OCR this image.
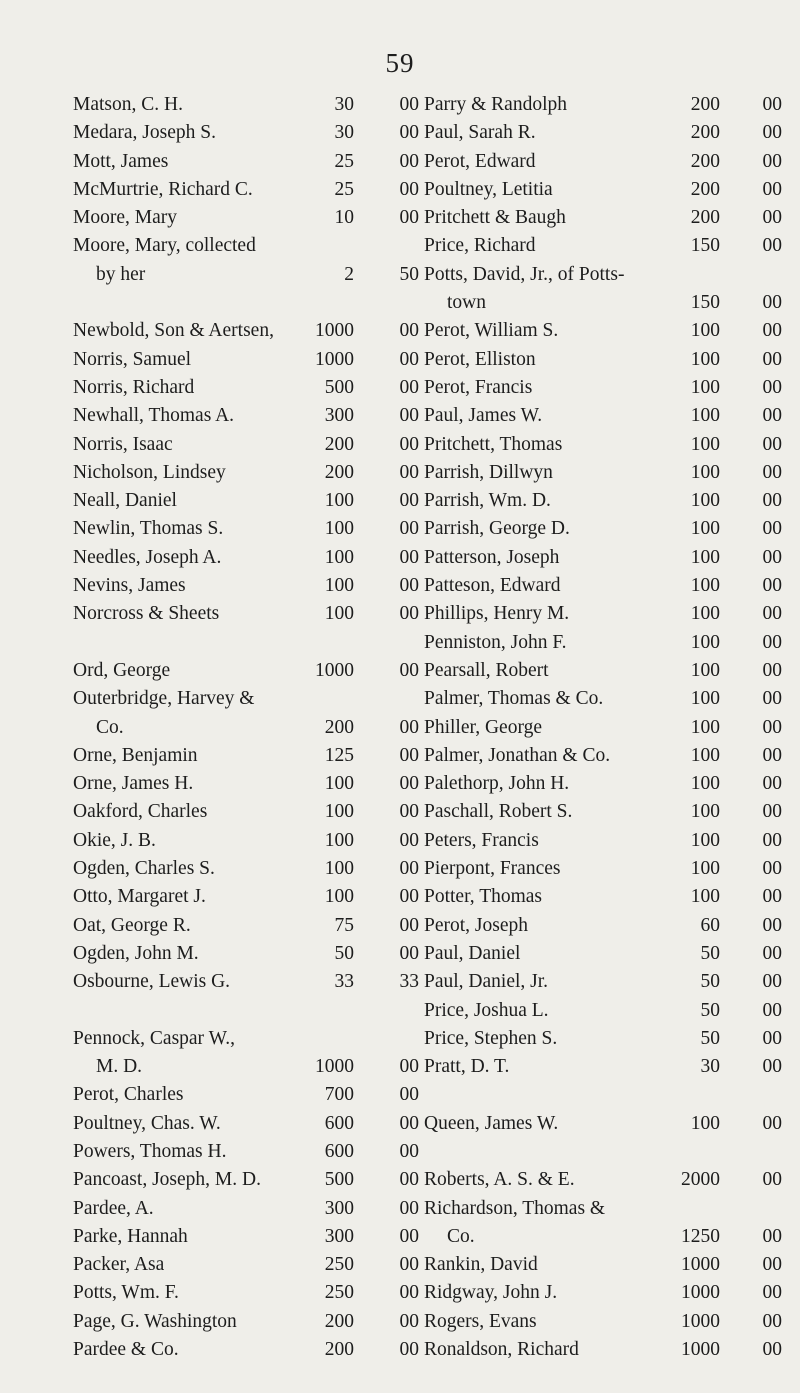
59
Matson, C. H.	30	00
Medara, Joseph S.	30	00
Mott, James	25	00
McMurtrie, Richard C.	25	00
Moore, Mary	10	00
Moore, Mary, collected
by her	2	50
Newbold, Son & Aertsen, 1000	00
Norris, Samuel	1000	00
Norris, Richard	500	00
Newhall, Thomas A.	300	00
Norris, Isaac	200	00
Nicholson, Lindsey	200	00
Neall, Daniel	100	00
Newlin, Thomas S.	100	00
Needles, Joseph A.	100	00
Nevins, James	100	00
Norcross & Sheets	100	00
Ord, George	1000	00
Outerbridge, Harvey &
Co.	200	00
Orne, Benjamin	125	00
Orne, James H.	100	00
Oakford, Charles	100	00
Okie, J. B.	100	00
Ogden, Charles S.	100	00
Otto, Margaret J.	100	00
Oat, George R.	75	00
Ogden, John M.	50	00
Osbourne, Lewis G.	33	33
Pennock, Caspar W.,
M. D.	1000	00
Perot, Charles	700	00
Poultney, Chas. W.	600	00
Powers, Thomas H.	600	00
Pancoast, Joseph, M. D.	500	00
Pardee, A.	300	00
Parke, Hannah	300	00
Packer, Asa	250	00
Potts, Wm. F.	250	00
Page, G. Washington	200	00
Pardee & Co.	200	00
Parry & Randolph	200	00
Paul, Sarah R.	200	00
Perot, Edward	200	00
Poultney, Letitia	200	00
Pritchett & Baugh	200	00
Price, Richard	150	00
Potts, David, Jr., of Potts-
town	150	00
Perot, William S.	100	00
Perot, Elliston	100	00
Perot, Francis	100	00
Paul, James W.	100	00
Pritchett, Thomas	100	00
Parrish, Dillwyn	100	00
Parrish, Wm. D.	100	00
Parrish, George D.	100	00
Patterson, Joseph	100	00
Patteson, Edward	100	00
Phillips, Henry M.	100	00
Penniston, John F.	100	00
Pearsall, Robert	100	00
Palmer, Thomas & Co.	100	00
Philler, George	100	00
Palmer, Jonathan & Co.	100	00
Palethorp, John H.	100	00
Paschall, Robert S.	100	00
Peters, Francis	100	00
Pierpont, Frances	100	00
Potter, Thomas	100	00
Perot, Joseph	60	00
Paul, Daniel	50	00
Paul, Daniel, Jr.	50	00
Price, Joshua L.	50	00
Price, Stephen S.	50	00
Pratt, D. T.	30	00
Queen, James W.	100	00
Roberts, A. S. & E.	2000	00
Richardson, Thomas &
Co.	1250	00
Rankin, David	1000	00
Ridgway, John J.	1000	00
Rogers, Evans	1000	00
Ronaldson, Richard	1000	00
